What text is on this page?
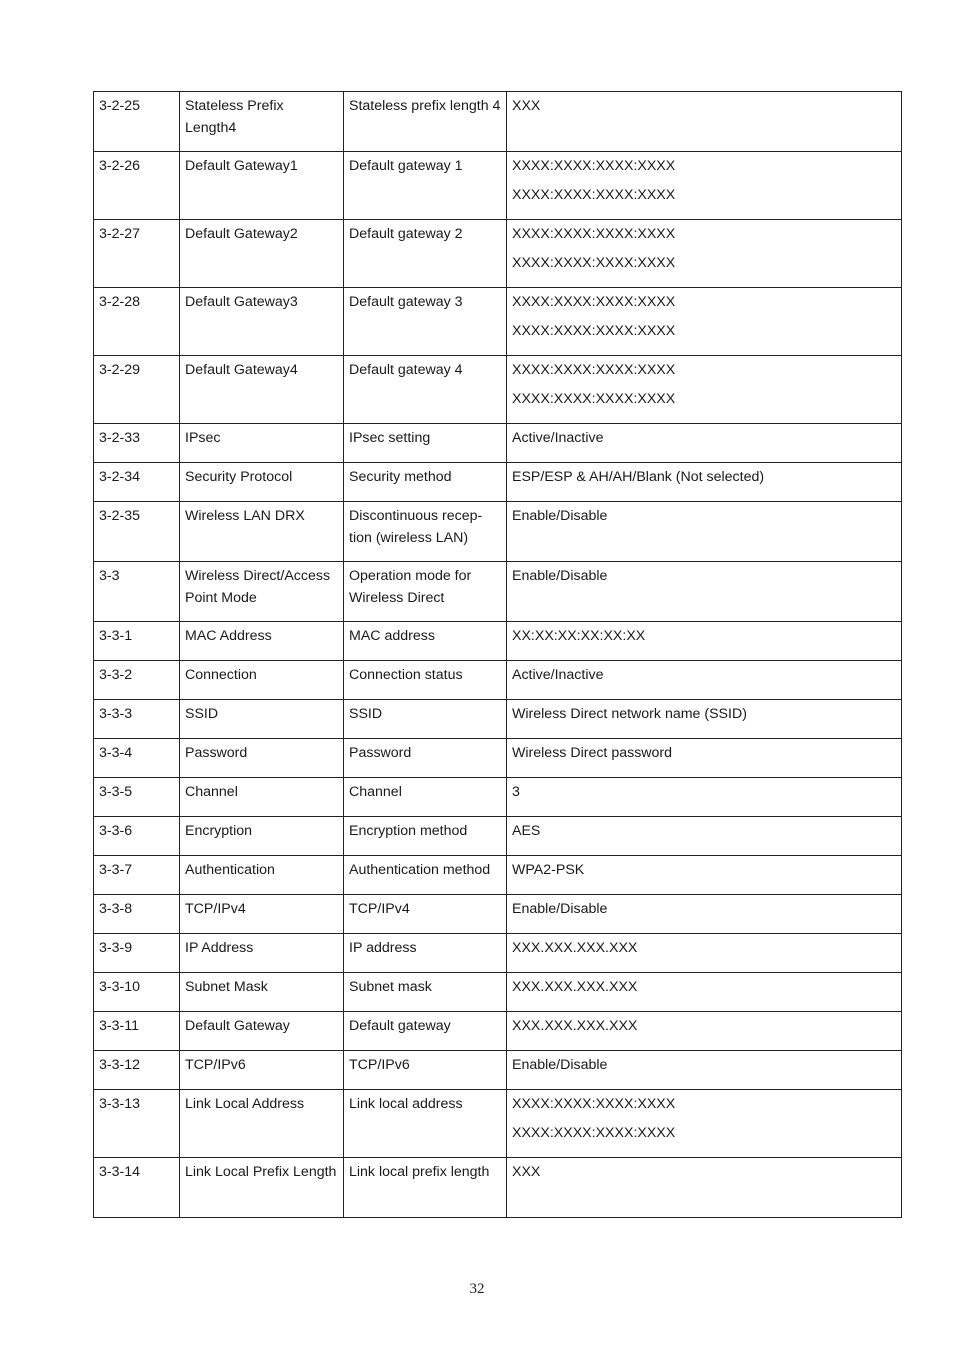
3-2-25	Stateless Prefix Length4	Stateless prefix length 4	XXX

3-2-26	Default Gateway1	Default gateway 1	XXXX:XXXX:XXXX:XXXX
XXXX:XXXX:XXXX:XXXX

3-2-27	Default Gateway2	Default gateway 2	XXXX:XXXX:XXXX:XXXX
XXXX:XXXX:XXXX:XXXX

3-2-28	Default Gateway3	Default gateway 3	XXXX:XXXX:XXXX:XXXX
XXXX:XXXX:XXXX:XXXX

3-2-29	Default Gateway4	Default gateway 4	XXXX:XXXX:XXXX:XXXX
XXXX:XXXX:XXXX:XXXX

3-2-33	IPsec	IPsec setting	Active/Inactive

3-2-34	Security Protocol	Security method	ESP/ESP & AH/AH/Blank (Not selected)

3-2-35	Wireless LAN DRX	Discontinuous recep-tion (wireless LAN)	Enable/Disable

3-3	Wireless Direct/Access Point Mode	Operation mode for Wireless Direct	Enable/Disable

3-3-1	MAC Address	MAC address	XX:XX:XX:XX:XX:XX

3-3-2	Connection	Connection status	Active/Inactive

3-3-3	SSID	SSID	Wireless Direct network name (SSID)

3-3-4	Password	Password	Wireless Direct password

3-3-5	Channel	Channel	3

3-3-6	Encryption	Encryption method	AES

3-3-7	Authentication	Authentication method	WPA2-PSK

3-3-8	TCP/IPv4	TCP/IPv4	Enable/Disable

3-3-9	IP Address	IP address	XXX.XXX.XXX.XXX

3-3-10	Subnet Mask	Subnet mask	XXX.XXX.XXX.XXX

3-3-11	Default Gateway	Default gateway	XXX.XXX.XXX.XXX

3-3-12	TCP/IPv6	TCP/IPv6	Enable/Disable

3-3-13	Link Local Address	Link local address	XXXX:XXXX:XXXX:XXXX
XXXX:XXXX:XXXX:XXXX

3-3-14	Link Local Prefix Length	Link local prefix length	XXX
32
